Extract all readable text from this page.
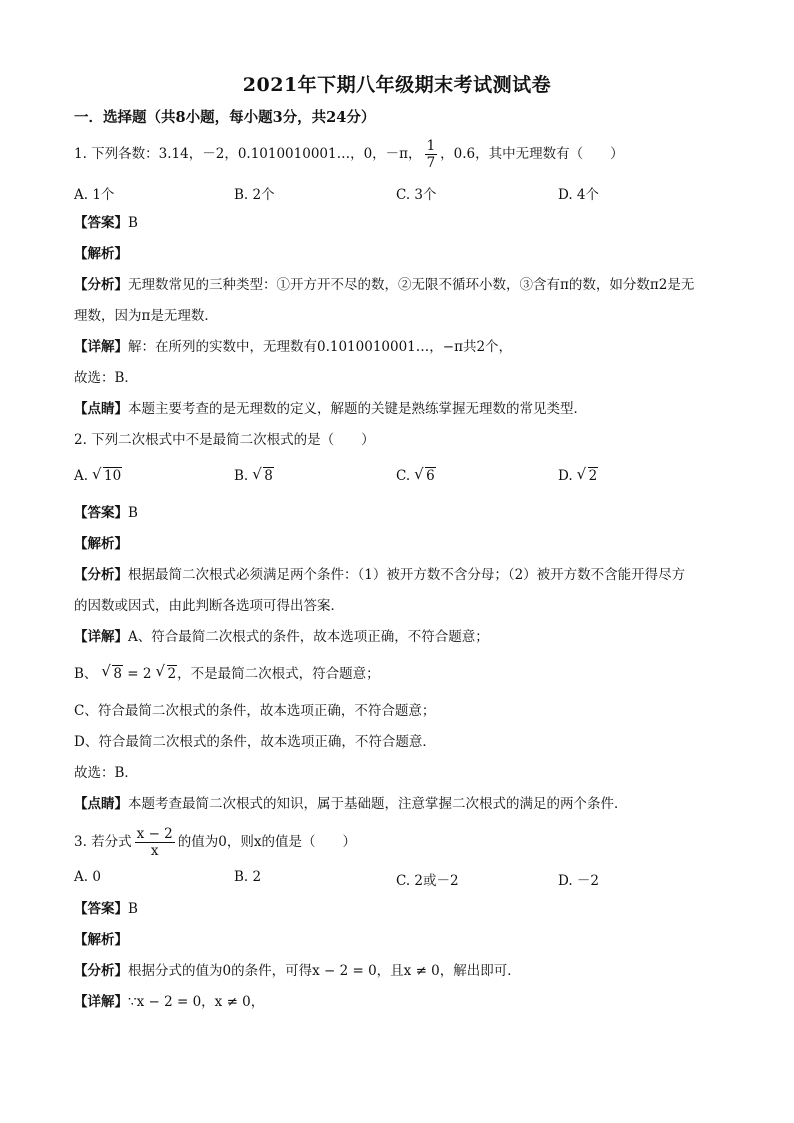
2021年下期八年级期末考试测试卷
一．选择题（共8小题，每小题3分，共24分）
1. 下列各数：3.14，－2，0.1010010001…，0，－π， $\frac{1}{7}$ ，0.6，其中无理数有（　　）
A. 1个	B. 2个	C. 3个	D. 4个
【答案】B
【解析】
【分析】无理数常见的三种类型：①开方开不尽的数，②无限不循环小数，③含有π的数，如分数π2是无
理数，因为π是无理数．
【详解】解：在所列的实数中，无理数有0.1010010001…，−π共2个，
故选：B．
【点睛】本题主要考查的是无理数的定义，解题的关键是熟练掌握无理数的常见类型．
2. 下列二次根式中不是最简二次根式的是（　　）
A. √ 10	B. √ 8	C. √ 6	D. √ 2
【答案】B
【解析】
【分析】根据最简二次根式必须满足两个条件：（1）被开方数不含分母；（2）被开方数不含能开得尽方
的因数或因式，由此判断各选项可得出答案．
【详解】A、符合最简二次根式的条件，故本选项正确，不符合题意；
B、 √ 8 = 2 √ 2，不是最简二次根式，符合题意；
C、符合最简二次根式的条件，故本选项正确，不符合题意；
D、符合最简二次根式的条件，故本选项正确，不符合题意．
故选：B．
【点睛】本题考查最简二次根式的知识，属于基础题，注意掌握二次根式的满足的两个条件．
3. 若分式 $\frac{x - 2}{x}$ 的值为0，则x的值是（　　）
A. 0	B. 2	C. 2或－2	D. －2
【答案】B
【解析】
【分析】根据分式的值为0的条件，可得x − 2 = 0，且x ≠ 0，解出即可．
【详解】∵x − 2 = 0，x ≠ 0，
